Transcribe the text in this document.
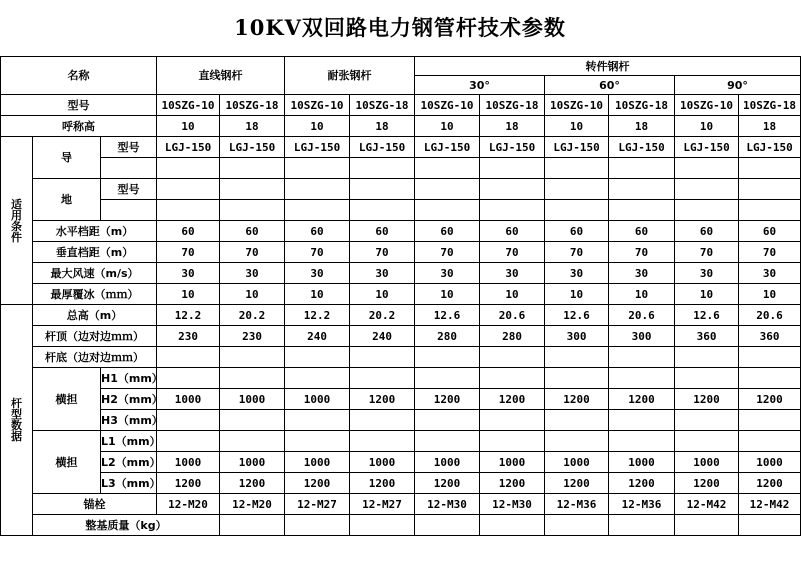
10KV双回路电力钢管杆技术参数
名称			直线钢杆		耐张钢杆		转件钢杆						
							30°		60°		90°		
型号			10SZG-10	10SZG-18	10SZG-10	10SZG-18	10SZG-10	10SZG-18	10SZG-10	10SZG-18	10SZG-10	10SZG-18	
呼称高			10	18	10	18	10	18	10	18	10	18	

适
用
条
件	导	型号	LGJ-150	LGJ-150	LGJ-150	LGJ-150	LGJ-150	LGJ-150	LGJ-150	LGJ-150	LGJ-150	LGJ-150	

	地	型号											

	水平档距（m）		60	60	60	60	60	60	60	60	60	60	
	垂直档距（m）		70	70	70	70	70	70	70	70	70	70	
	最大风速（m/s）		30	30	30	30	30	30	30	30	30	30	
	最厚覆冰（ｍｍ）		10	10	10	10	10	10	10	10	10	10	

杆
型
数
据	总高（m）		12.2	20.2	12.2	20.2	12.6	20.6	12.6	20.6	12.6	20.6	
	杆顶（边对边ｍｍ）		230	230	240	240	280	280	300	300	360	360	
	杆底（边对边ｍｍ）												
	横担	H1（mm）											
		H2（mm）	1000	1000	1000	1200	1200	1200	1200	1200	1200	1200	
		H3（mm）											
	横担	L1（mm）											
		L2（mm）	1000	1000	1000	1000	1000	1000	1000	1000	1000	1000	
		L3（mm）	1200	1200	1200	1200	1200	1200	1200	1200	1200	1200	
	锚栓		12-M20	12-M20	12-M27	12-M27	12-M30	12-M30	12-M36	12-M36	12-M42	12-M42	
	整基质量（kg）												
